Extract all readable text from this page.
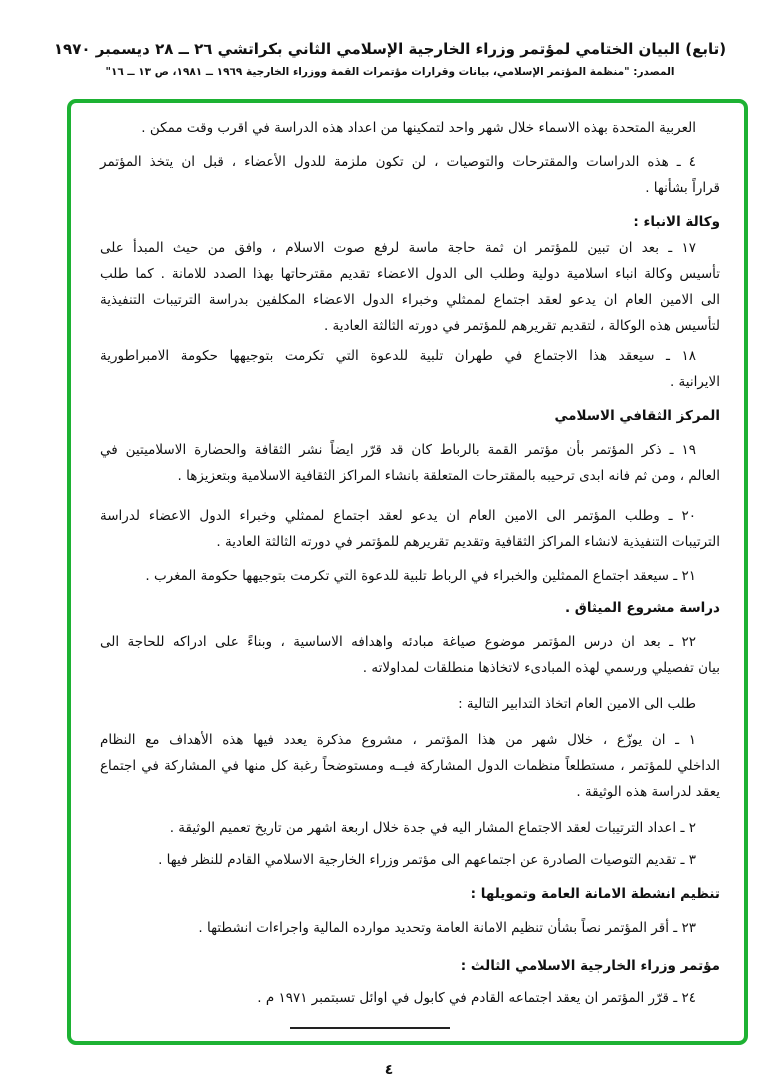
(تابع) البيان الختامي لمؤتمر وزراء الخارجية الإسلامي الثاني بكراتشي ٢٦ ــ ٢٨ ديسمبر ١٩٧٠
المصدر: "منظمة المؤتمر الإسلامي، بيانات وقرارات مؤتمرات القمة ووزراء الخارجية ١٩٦٩ ــ ١٩٨١، ص ١٣ ــ ١٦"
العربية المتحدة بهذه الاسماء خلال شهر واحد لتمكينها من اعداد هذه الدراسة في اقرب وقت ممكن .
٤ ـ هذه الدراسات والمقترحات والتوصيات ، لن تكون ملزمة للدول الأعضاء ، قبل ان يتخذ المؤتمر
قراراً بشأنها .
وكالة الانباء :
١٧ ـ بعد ان تبين للمؤتمر ان ثمة حاجة ماسة لرفع صوت الاسلام ، وافق من حيث المبدأ على
تأسيس وكالة انباء اسلامية دولية وطلب الى الدول الاعضاء تقديم مقترحاتها بهذا الصدد للامانة . كما طلب
الى الامين العام ان يدعو لعقد اجتماع لممثلي وخبراء الدول الاعضاء المكلفين بدراسة الترتيبات التنفيذية
لتأسيس هذه الوكالة ، لتقديم تقريرهم للمؤتمر في دورته الثالثة العادية .
١٨ ـ سيعقد هذا الاجتماع في طهران تلبية للدعوة التي تكرمت بتوجيهها حكومة الامبراطورية
الايرانية .
المركز الثقافي الاسلامي
١٩ ـ ذكر المؤتمر بأن مؤتمر القمة بالرباط كان قد قرّر ايضاً نشر الثقافة والحضارة الاسلاميتين في
العالم ، ومن ثم فانه ابدى ترحيبه بالمقترحات المتعلقة بانشاء المراكز الثقافية الاسلامية وبتعزيزها .
٢٠ ـ وطلب المؤتمر الى الامين العام ان يدعو لعقد اجتماع لممثلي وخبراء الدول الاعضاء لدراسة
الترتيبات التنفيذية لانشاء المراكز الثقافية وتقديم تقريرهم للمؤتمر في دورته الثالثة العادية .
٢١ ـ سيعقد اجتماع الممثلين والخبراء في الرباط تلبية للدعوة التي تكرمت بتوجيهها حكومة المغرب .
دراسة مشروع الميثاق .
٢٢ ـ بعد ان درس المؤتمر موضوع صياغة مبادئه واهدافه الاساسية ، وبناءً على ادراكه للحاجة الى
بيان تفصيلي ورسمي لهذه المبادىء لاتخاذها منطلقات لمداولاته .
طلب الى الامين العام اتخاذ التدابير التالية :
١ ـ ان يوزّع ، خلال شهر من هذا المؤتمر ، مشروع مذكرة يعدد فيها هذه الأهداف مع النظام
الداخلي للمؤتمر ، مستطلعاً منظمات الدول المشاركة فيــه ومستوضحاً رغبة كل منها في المشاركة في اجتماع
يعقد لدراسة هذه الوثيقة .
٢ ـ اعداد الترتيبات لعقد الاجتماع المشار اليه في جدة خلال اربعة اشهر من تاريخ تعميم الوثيقة .
٣ ـ تقديم التوصيات الصادرة عن اجتماعهم الى مؤتمر وزراء الخارجية الاسلامي القادم للنظر فيها .
تنظيم انشطة الامانة العامة وتمويلها :
٢٣ ـ أقر المؤتمر نصاً بشأن تنظيم الامانة العامة وتحديد موارده المالية واجراءات انشطتها .
مؤتمر وزراء الخارجية الاسلامي الثالث :
٢٤ ـ قرّر المؤتمر ان يعقد اجتماعه القادم في كابول في اوائل تسبتمبر ١٩٧١ م .
٤
